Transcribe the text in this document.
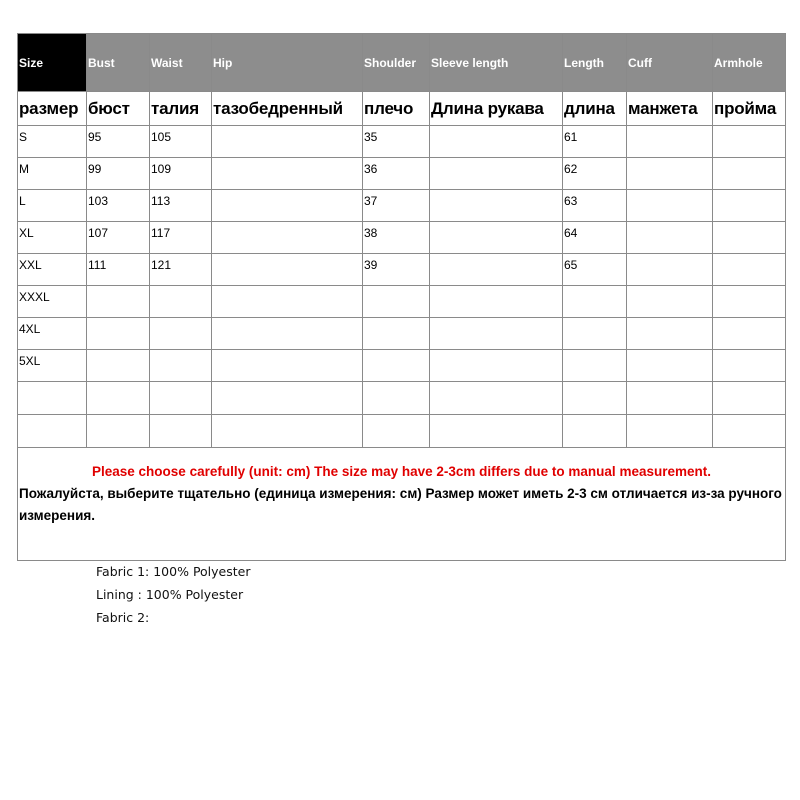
Size	Bust	Waist	Hip	Shoulder	Sleeve length	Length	Cuff	Armhole
размер	бюст	талия	тазобедренный	плечо	Длина рукава	длина	манжета	пройма
S	95	105		35		61		
M	99	109		36		62		
L	103	113		37		63		
XL	107	117		38		64		
XXL	111	121		39		65		
XXXL								
4XL								
5XL								

Please choose carefully (unit: cm) The size may have 2-3cm differs due to manual measurement.
Пожалуйста, выберите тщательно (единица измерения: см) Размер может иметь 2-3 см отличается из-за ручного измерения.								
Fabric 1: 100% Polyester
Lining : 100% Polyester
Fabric 2:
